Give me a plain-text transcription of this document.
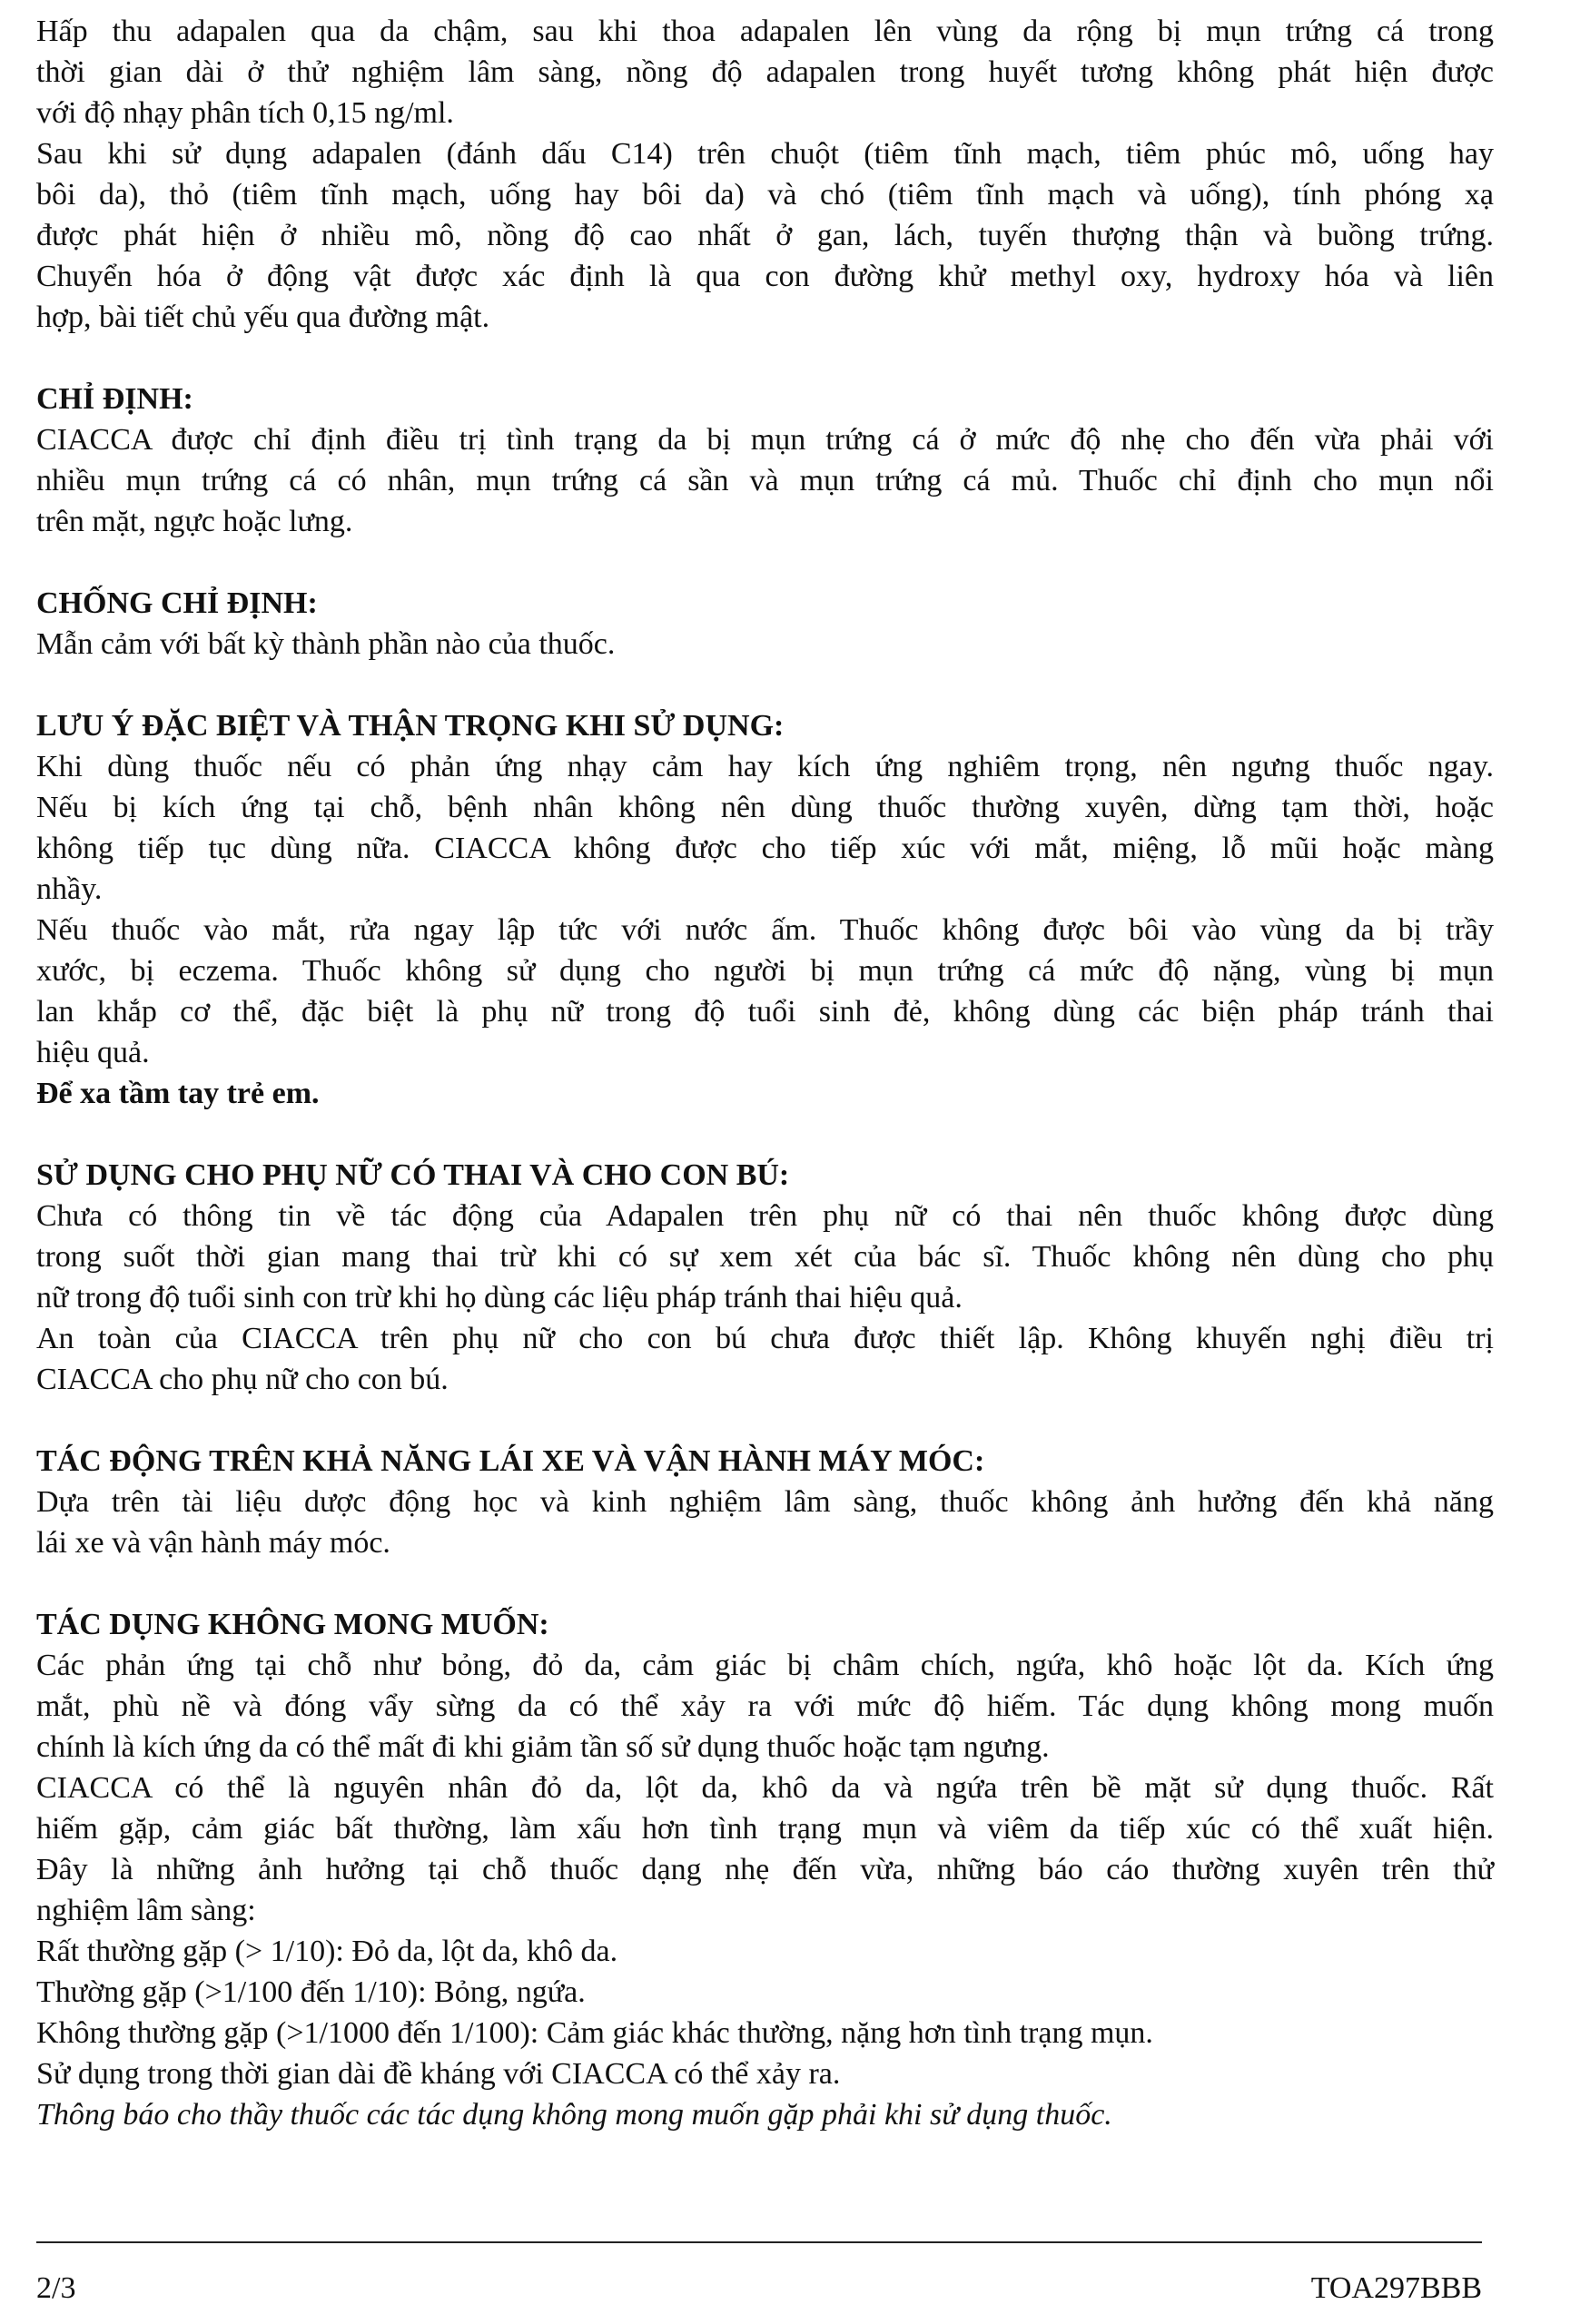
Hấp thu adapalen qua da chậm, sau khi thoa adapalen lên vùng da rộng bị mụn trứng cá trong
thời gian dài ở thử nghiệm lâm sàng, nồng độ adapalen trong huyết tương không phát hiện được
với độ nhạy phân tích 0,15 ng/ml.

Sau khi sử dụng adapalen (đánh dấu C14) trên chuột (tiêm tĩnh mạch, tiêm phúc mô, uống hay
bôi da), thỏ (tiêm tĩnh mạch, uống hay bôi da) và chó (tiêm tĩnh mạch và uống), tính phóng xạ
được phát hiện ở nhiều mô, nồng độ cao nhất ở gan, lách, tuyến thượng thận và buồng trứng.
Chuyển hóa ở động vật được xác định là qua con đường khử methyl oxy, hydroxy hóa và liên
hợp, bài tiết chủ yếu qua đường mật.

CHỈ ĐỊNH:

CIACCA được chỉ định điều trị tình trạng da bị mụn trứng cá ở mức độ nhẹ cho đến vừa phải với
nhiều mụn trứng cá có nhân, mụn trứng cá sần và mụn trứng cá mủ. Thuốc chỉ định cho mụn nổi
trên mặt, ngực hoặc lưng.

CHỐNG CHỈ ĐỊNH:

Mẫn cảm với bất kỳ thành phần nào của thuốc.

LƯU Ý ĐẶC BIỆT VÀ THẬN TRỌNG KHI SỬ DỤNG:

Khi dùng thuốc nếu có phản ứng nhạy cảm hay kích ứng nghiêm trọng, nên ngưng thuốc ngay.
Nếu bị kích ứng tại chỗ, bệnh nhân không nên dùng thuốc thường xuyên, dừng tạm thời, hoặc
không tiếp tục dùng nữa. CIACCA không được cho tiếp xúc với mắt, miệng, lỗ mũi hoặc màng
nhầy.

Nếu thuốc vào mắt, rửa ngay lập tức với nước ấm. Thuốc không được bôi vào vùng da bị trầy
xước, bị eczema. Thuốc không sử dụng cho người bị mụn trứng cá mức độ nặng, vùng bị mụn
lan khắp cơ thể, đặc biệt là phụ nữ trong độ tuổi sinh đẻ, không dùng các biện pháp tránh thai
hiệu quả.

Để xa tầm tay trẻ em.

SỬ DỤNG CHO PHỤ NỮ CÓ THAI VÀ CHO CON BÚ:

Chưa có thông tin về tác động của Adapalen trên phụ nữ có thai nên thuốc không được dùng
trong suốt thời gian mang thai trừ khi có sự xem xét của bác sĩ. Thuốc không nên dùng cho phụ
nữ trong độ tuổi sinh con trừ khi họ dùng các liệu pháp tránh thai hiệu quả.

An toàn của CIACCA trên phụ nữ cho con bú chưa được thiết lập. Không khuyến nghị điều trị
CIACCA cho phụ nữ cho con bú.

TÁC ĐỘNG TRÊN KHẢ NĂNG LÁI XE VÀ VẬN HÀNH MÁY MÓC:

Dựa trên tài liệu dược động học và kinh nghiệm lâm sàng, thuốc không ảnh hưởng đến khả năng
lái xe và vận hành máy móc.

TÁC DỤNG KHÔNG MONG MUỐN:

Các phản ứng tại chỗ như bỏng, đỏ da, cảm giác bị châm chích, ngứa, khô hoặc lột da. Kích ứng
mắt, phù nề và đóng vẩy sừng da có thể xảy ra với mức độ hiếm. Tác dụng không mong muốn
chính là kích ứng da có thể mất đi khi giảm tần số sử dụng thuốc hoặc tạm ngưng.

CIACCA có thể là nguyên nhân đỏ da, lột da, khô da và ngứa trên bề mặt sử dụng thuốc. Rất
hiếm gặp, cảm giác bất thường, làm xấu hơn tình trạng mụn và viêm da tiếp xúc có thể xuất hiện.
Đây là những ảnh hưởng tại chỗ thuốc dạng nhẹ đến vừa, những báo cáo thường xuyên trên thử
nghiệm lâm sàng:

Rất thường gặp (> 1/10): Đỏ da, lột da, khô da.

Thường gặp (>1/100 đến 1/10): Bỏng, ngứa.

Không thường gặp (>1/1000 đến 1/100): Cảm giác khác thường, nặng hơn tình trạng mụn.

Sử dụng trong thời gian dài đề kháng với CIACCA có thể xảy ra.

Thông báo cho thầy thuốc các tác dụng không mong muốn gặp phải khi sử dụng thuốc.

2/3	TOA297BBB
